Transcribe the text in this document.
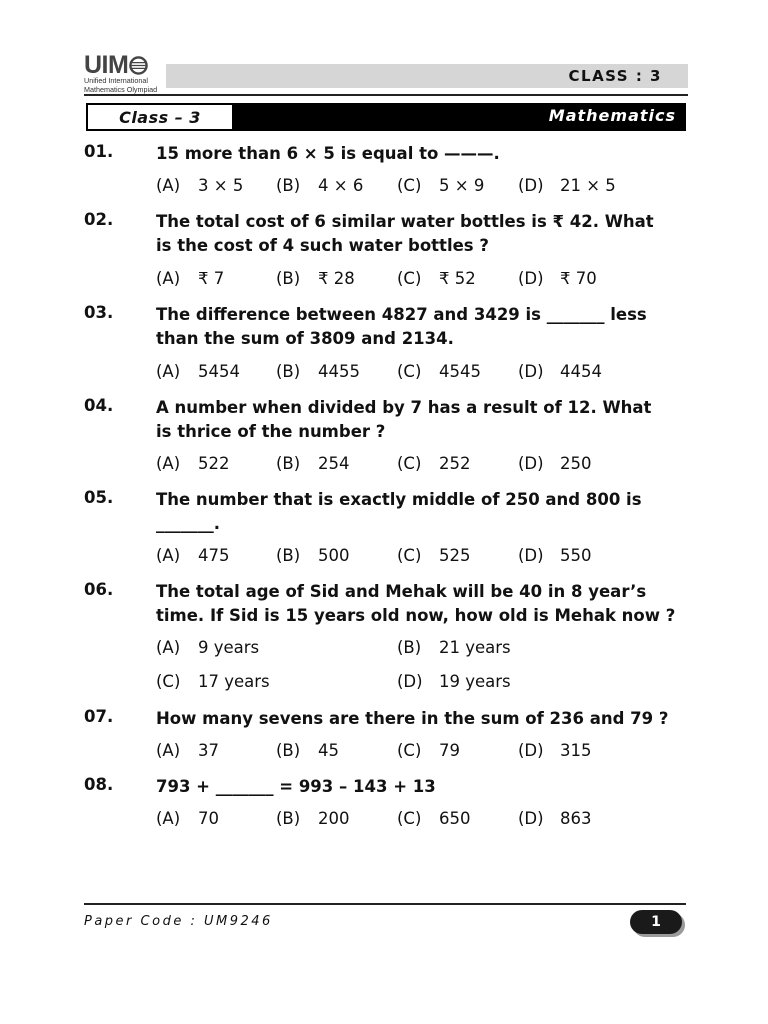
UIM
Unified International
Mathematics Olympiad
CLASS : 3
Class – 3	Mathematics
01.	15 more than 6 × 5 is equal to ———.
(A) 3 × 5 (B) 4 × 6 (C) 5 × 9 (D) 21 × 5
02.	The total cost of 6 similar water bottles is ₹ 42. What
is the cost of 4 such water bottles ?
(A) ₹ 7	(B) ₹ 28	(C) ₹ 52	(D) ₹ 70
03.	The difference between 4827 and 3429 is _______ less
than the sum of 3809 and 2134.
(A) 5454 (B) 4455 (C) 4545 (D) 4454
04.	A number when divided by 7 has a result of 12. What
is thrice of the number ?
(A) 522	(B) 254	(C) 252	(D) 250
05.	The number that is exactly middle of 250 and 800 is
_______.
(A) 475	(B) 500	(C) 525	(D) 550
06.	The total age of Sid and Mehak will be 40 in 8 year’s
time. If Sid is 15 years old now, how old is Mehak now ?
(A) 9 years	(B) 21 years
(C) 17 years	(D) 19 years
07.	How many sevens are there in the sum of 236 and 79 ?
(A) 37	(B) 45	(C) 79	(D) 315
08.	793 + _______ = 993 – 143 + 13
(A) 70	(B) 200	(C) 650	(D) 863
Paper Code : UM9246	1
